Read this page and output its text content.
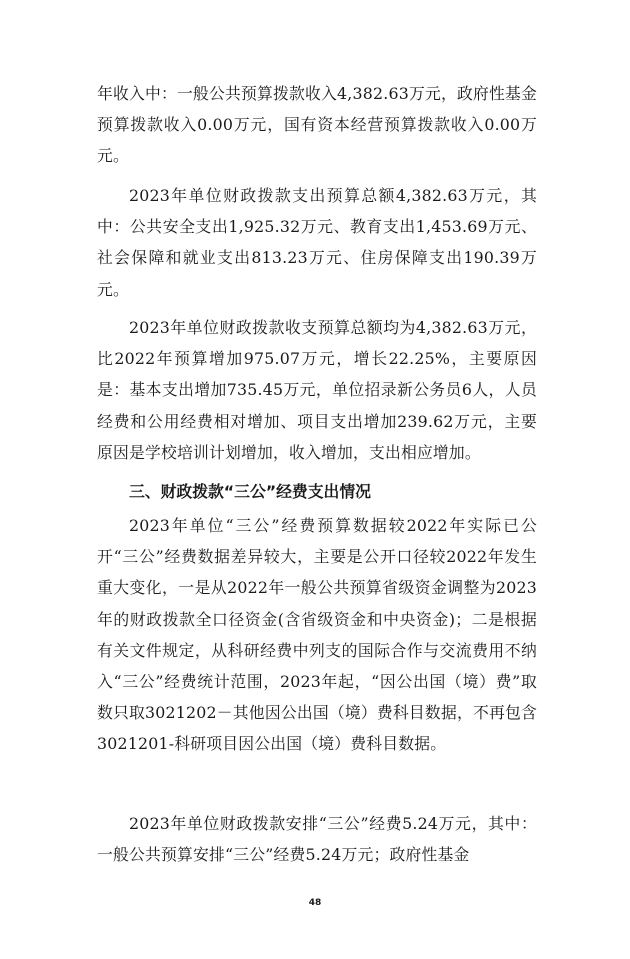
年收入中：一般公共预算拨款收入4,382.63万元，政府性基金预算拨款收入0.00万元，国有资本经营预算拨款收入0.00万元。

2023年单位财政拨款支出预算总额4,382.63万元，其中：公共安全支出1,925.32万元、教育支出1,453.69万元、社会保障和就业支出813.23万元、住房保障支出190.39万元。

2023年单位财政拨款收支预算总额均为4,382.63万元，比2022年预算增加975.07万元，增长22.25%，主要原因是：基本支出增加735.45万元，单位招录新公务员6人，人员经费和公用经费相对增加、项目支出增加239.62万元，主要原因是学校培训计划增加，收入增加，支出相应增加。

三、财政拨款“三公”经费支出情况

2023年单位“三公”经费预算数据较2022年实际已公开“三公”经费数据差异较大，主要是公开口径较2022年发生重大变化，一是从2022年一般公共预算省级资金调整为2023年的财政拨款全口径资金(含省级资金和中央资金)；二是根据有关文件规定，从科研经费中列支的国际合作与交流费用不纳入“三公”经费统计范围，2023年起，“因公出国（境）费”取数只取3021202－其他因公出国（境）费科目数据，不再包含3021201-科研项目因公出国（境）费科目数据。

2023年单位财政拨款安排“三公”经费5.24万元，其中：一般公共预算安排“三公”经费5.24万元；政府性基金

48
